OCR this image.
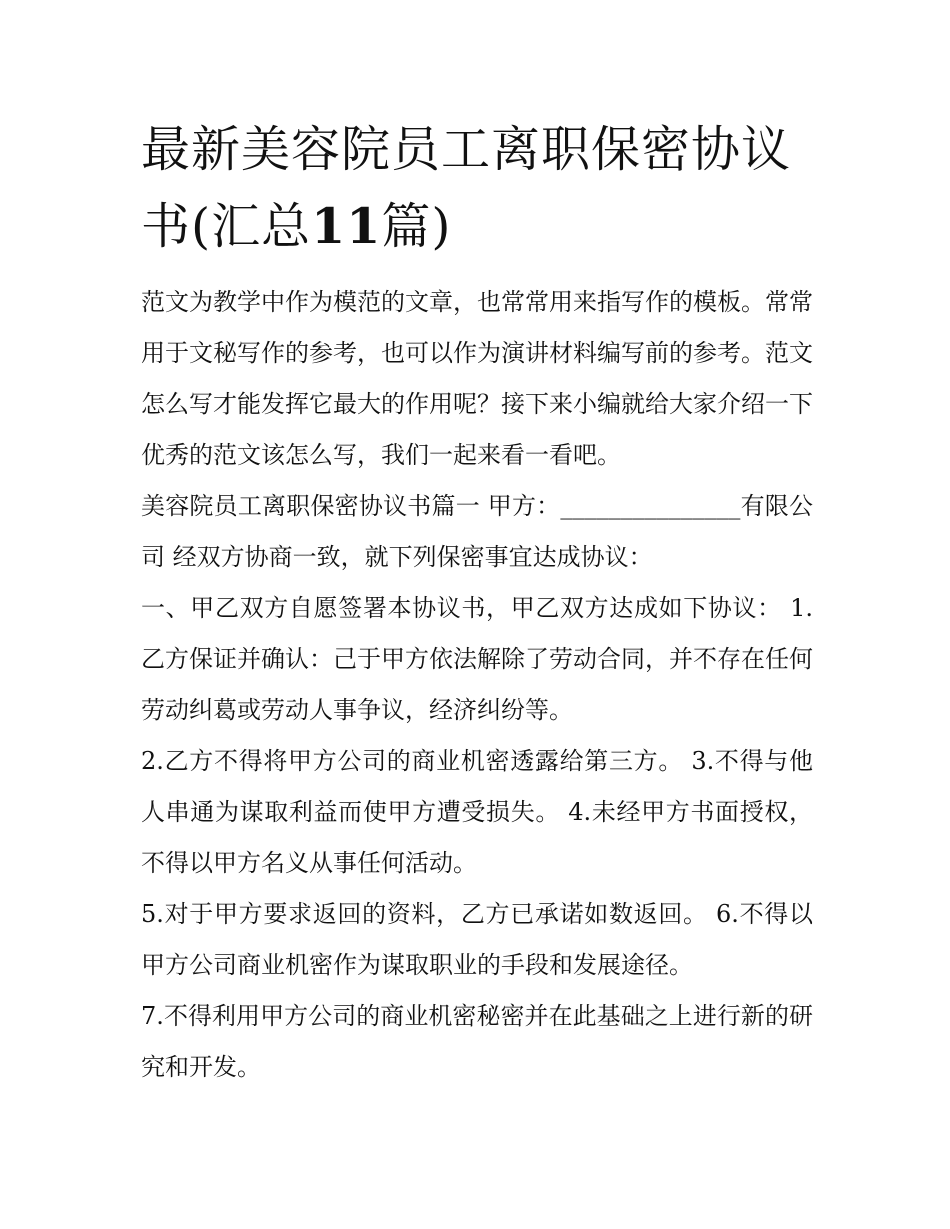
最新美容院员工离职保密协议书(汇总11篇)

范文为教学中作为模范的文章，也常常用来指写作的模板。常常用于文秘写作的参考，也可以作为演讲材料编写前的参考。范文怎么写才能发挥它最大的作用呢？接下来小编就给大家介绍一下优秀的范文该怎么写，我们一起来看一看吧。

美容院员工离职保密协议书篇一 甲方：_______________有限公司 经双方协商一致，就下列保密事宜达成协议：

一、甲乙双方自愿签署本协议书，甲乙双方达成如下协议： 1.乙方保证并确认：己于甲方依法解除了劳动合同，并不存在任何劳动纠葛或劳动人事争议，经济纠纷等。

2.乙方不得将甲方公司的商业机密透露给第三方。 3.不得与他人串通为谋取利益而使甲方遭受损失。 4.未经甲方书面授权，不得以甲方名义从事任何活动。

5.对于甲方要求返回的资料，乙方已承诺如数返回。 6.不得以甲方公司商业机密作为谋取职业的手段和发展途径。

7.不得利用甲方公司的商业机密秘密并在此基础之上进行新的研究和开发。
